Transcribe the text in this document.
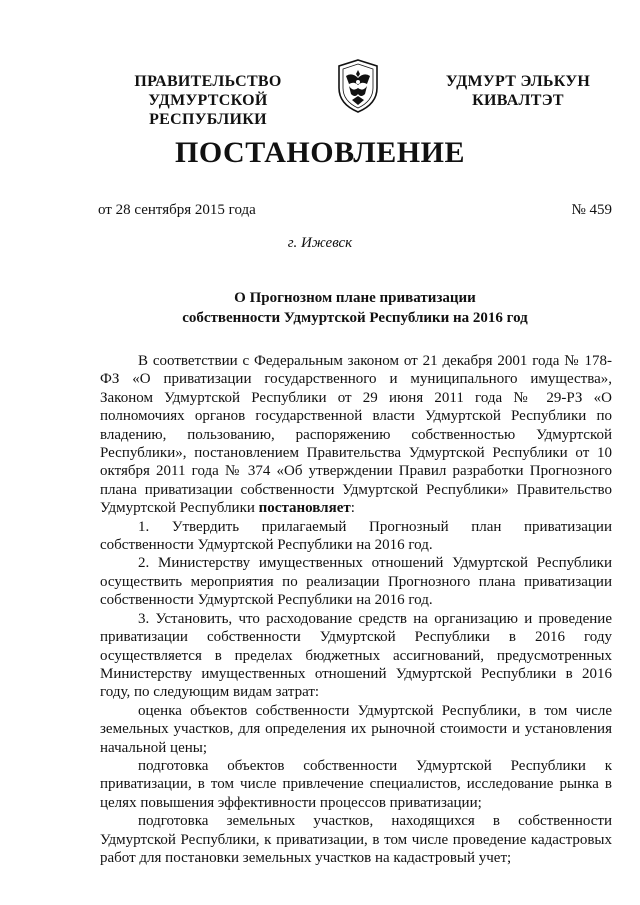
ПРАВИТЕЛЬСТВО
УДМУРТСКОЙ РЕСПУБЛИКИ
УДМУРТ ЭЛЬКУН
КИВАЛТЭТ
ПОСТАНОВЛЕНИЕ
от 28 сентября 2015 года	№ 459
г. Ижевск
О Прогнозном плане приватизации
собственности Удмуртской Республики на 2016 год

В соответствии с Федеральным законом от 21 декабря 2001 года № 178-ФЗ «О приватизации государственного и муниципального имущества», Законом Удмуртской Республики от 29 июня 2011 года № 29-РЗ «О полномочиях органов государственной власти Удмуртской Республики по владению, пользованию, распоряжению собственностью Удмуртской Республики», постановлением Правительства Удмуртской Республики от 10 октября 2011 года № 374 «Об утверждении Правил разработки Прогнозного плана приватизации собственности Удмуртской Республики» Правительство Удмуртской Республики постановляет:

1. Утвердить прилагаемый Прогнозный план приватизации собственности Удмуртской Республики на 2016 год.

2. Министерству имущественных отношений Удмуртской Республики осуществить мероприятия по реализации Прогнозного плана приватизации собственности Удмуртской Республики на 2016 год.

3. Установить, что расходование средств на организацию и проведение приватизации собственности Удмуртской Республики в 2016 году осуществляется в пределах бюджетных ассигнований, предусмотренных Министерству имущественных отношений Удмуртской Республики в 2016 году, по следующим видам затрат:

оценка объектов собственности Удмуртской Республики, в том числе земельных участков, для определения их рыночной стоимости и установления начальной цены;

подготовка объектов собственности Удмуртской Республики к приватизации, в том числе привлечение специалистов, исследование рынка в целях повышения эффективности процессов приватизации;

подготовка земельных участков, находящихся в собственности Удмуртской Республики, к приватизации, в том числе проведение кадастровых работ для постановки земельных участков на кадастровый учет;
